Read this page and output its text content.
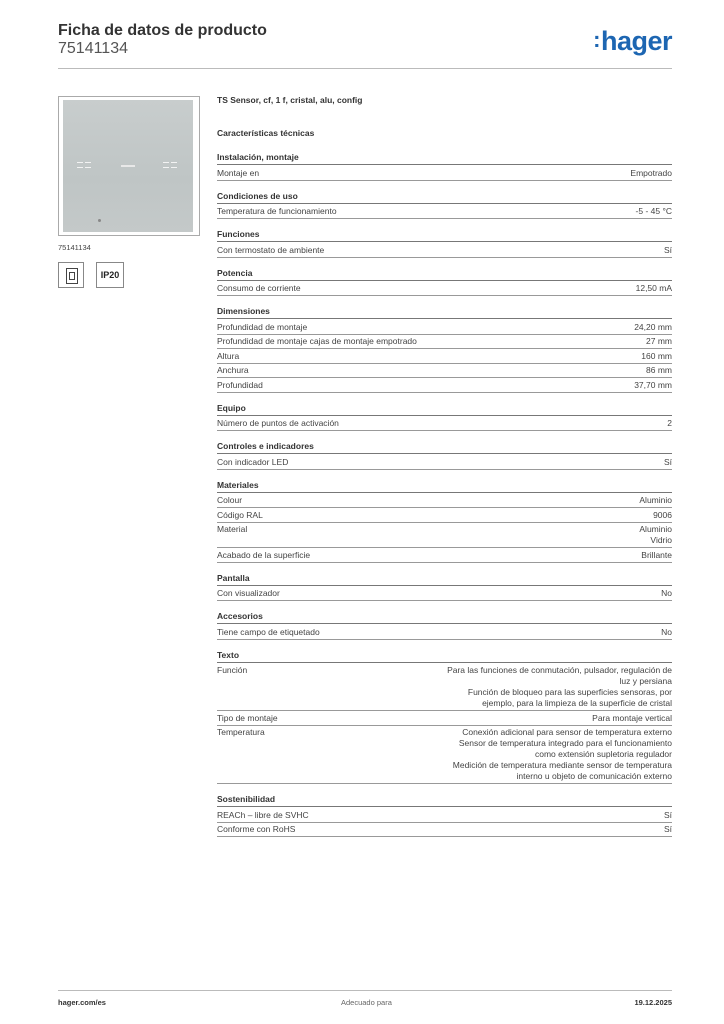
Ficha de datos de producto
75141134	:hager
75141134
IP20
TS Sensor, cf, 1 f, cristal, alu, config
Características técnicas
Instalación, montaje
Montaje en	Empotrado
Condiciones de uso
Temperatura de funcionamiento	-5 - 45 °C
Funciones
Con termostato de ambiente	Sí
Potencia
Consumo de corriente	12,50 mA
Dimensiones
Profundidad de montaje	24,20 mm
Profundidad de montaje cajas de montaje empotrado	27 mm
Altura	160 mm
Anchura	86 mm
Profundidad	37,70 mm
Equipo
Número de puntos de activación	2
Controles e indicadores
Con indicador LED	Sí
Materiales
Colour	Aluminio
Código RAL	9006
Material	Aluminio
Vidrio
Acabado de la superficie	Brillante
Pantalla
Con visualizador	No
Accesorios
Tiene campo de etiquetado	No
Texto
Función	Para las funciones de conmutación, pulsador, regulación de luz y persiana
Función de bloqueo para las superficies sensoras, por ejemplo, para la limpieza de la superficie de cristal
Tipo de montaje	Para montaje vertical
Temperatura	Conexión adicional para sensor de temperatura externo
Sensor de temperatura integrado para el funcionamiento como extensión supletoria regulador
Medición de temperatura mediante sensor de temperatura interno u objeto de comunicación externo
Sostenibilidad
REACh – libre de SVHC	Sí
Conforme con RoHS	Sí
hager.com/es	Adecuado para	19.12.2025
